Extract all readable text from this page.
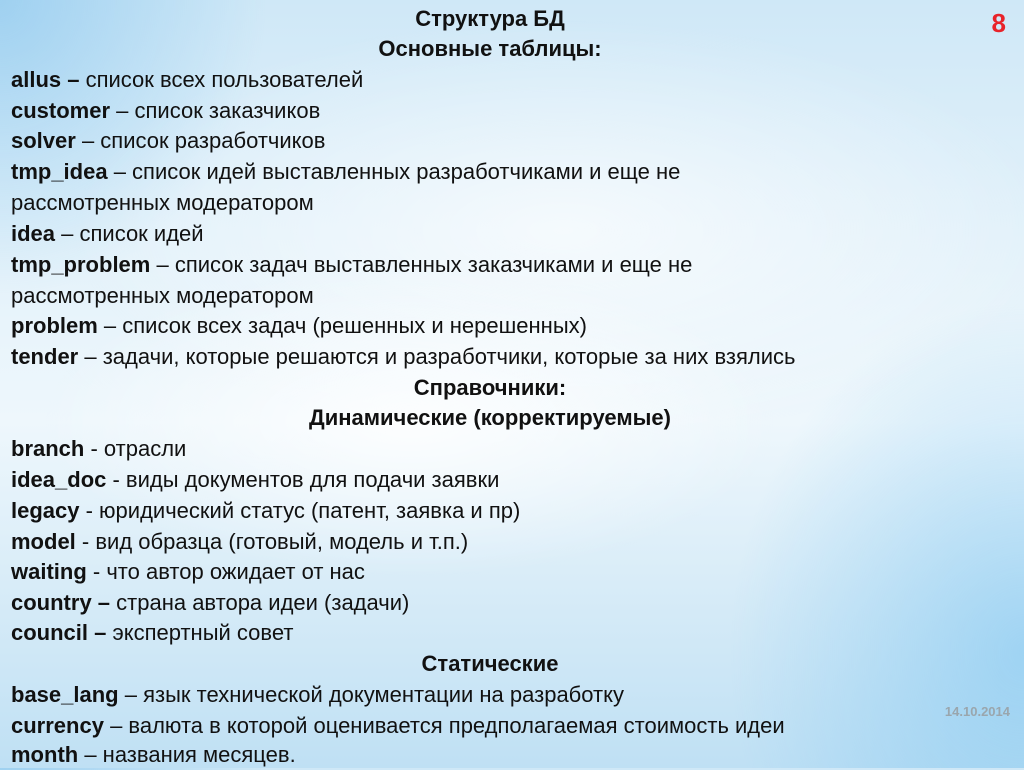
8
Структура БД
Основные таблицы:
allus – список всех пользователей
customer – список заказчиков
solver – список разработчиков
tmp_idea – список идей выставленных разработчиками и еще не
рассмотренных модератором
idea – список идей
tmp_problem – список задач выставленных заказчиками и еще не
рассмотренных модератором
problem – список всех задач (решенных и нерешенных)
tender – задачи, которые решаются и разработчики, которые за них взялись
Справочники:
Динамические (корректируемые)
branch - отрасли
idea_doc - виды документов для подачи заявки
legacy - юридический статус (патент, заявка и пр)
model - вид образца (готовый, модель и т.п.)
waiting - что автор ожидает от нас
country – страна автора идеи (задачи)
council – экспертный совет
Статические
base_lang – язык технической документации на разработку
currency – валюта в которой оценивается предполагаемая стоимость идеи
month – названия месяцев.
14.10.2014
